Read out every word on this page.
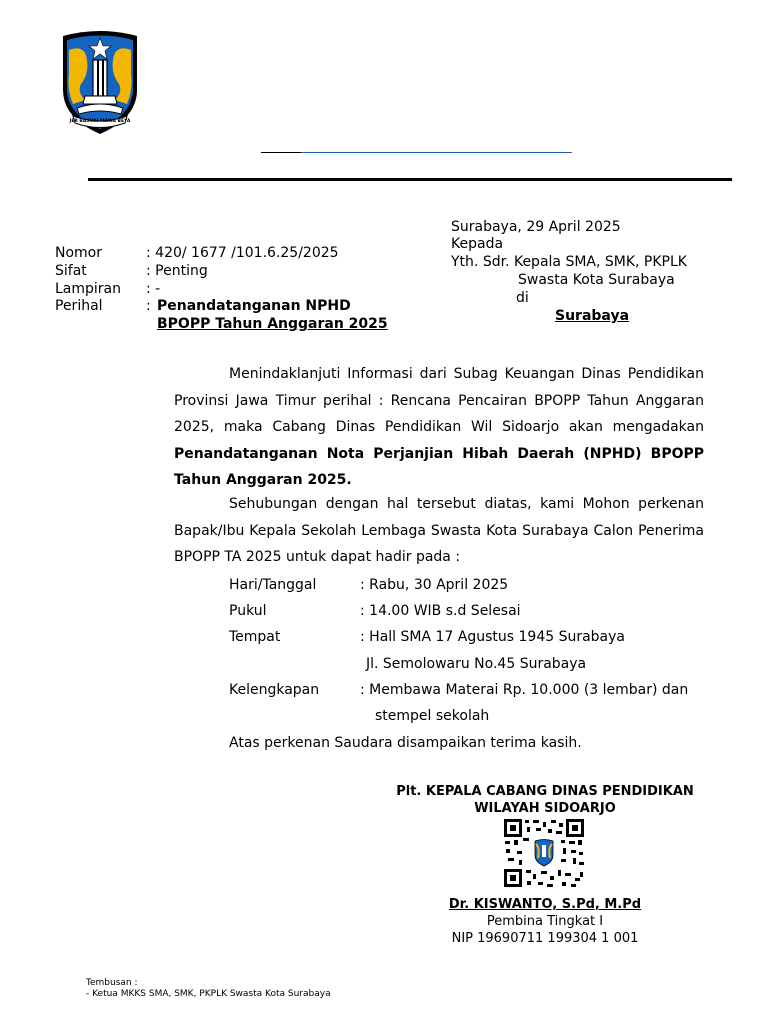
JER BASUKI MAWA BEYA
Surabaya, 29 April 2025
Kepada
Yth. Sdr. Kepala SMA, SMK, PKPLK
Swasta Kota Surabaya
di
Surabaya
Nomor	: 420/ 1677 /101.6.25/2025
Sifat	: Penting
Lampiran : -
Perihal	: Penandatanganan NPHD
BPOPP Tahun Anggaran 2025
Menindaklanjuti Informasi dari Subag Keuangan Dinas Pendidikan Provinsi Jawa Timur perihal : Rencana Pencairan BPOPP Tahun Anggaran 2025, maka Cabang Dinas Pendidikan Wil Sidoarjo akan mengadakan Penandatanganan Nota Perjanjian Hibah Daerah (NPHD) BPOPP Tahun Anggaran 2025.
Sehubungan dengan hal tersebut diatas, kami Mohon perkenan Bapak/Ibu Kepala Sekolah Lembaga Swasta Kota Surabaya Calon Penerima BPOPP TA 2025 untuk dapat hadir pada :
Hari/Tanggal	: Rabu, 30 April 2025
Pukul	: 14.00 WIB s.d Selesai
Tempat	: Hall SMA 17 Agustus 1945 Surabaya
Jl. Semolowaru No.45 Surabaya
Kelengkapan	: Membawa Materai Rp. 10.000 (3 lembar) dan
stempel sekolah
Atas perkenan Saudara disampaikan terima kasih.
Plt. KEPALA CABANG DINAS PENDIDIKAN
WILAYAH SIDOARJO
Dr. KISWANTO, S.Pd, M.Pd
Pembina Tingkat I
NIP 19690711 199304 1 001
Tembusan :
- Ketua MKKS SMA, SMK, PKPLK Swasta Kota Surabaya
